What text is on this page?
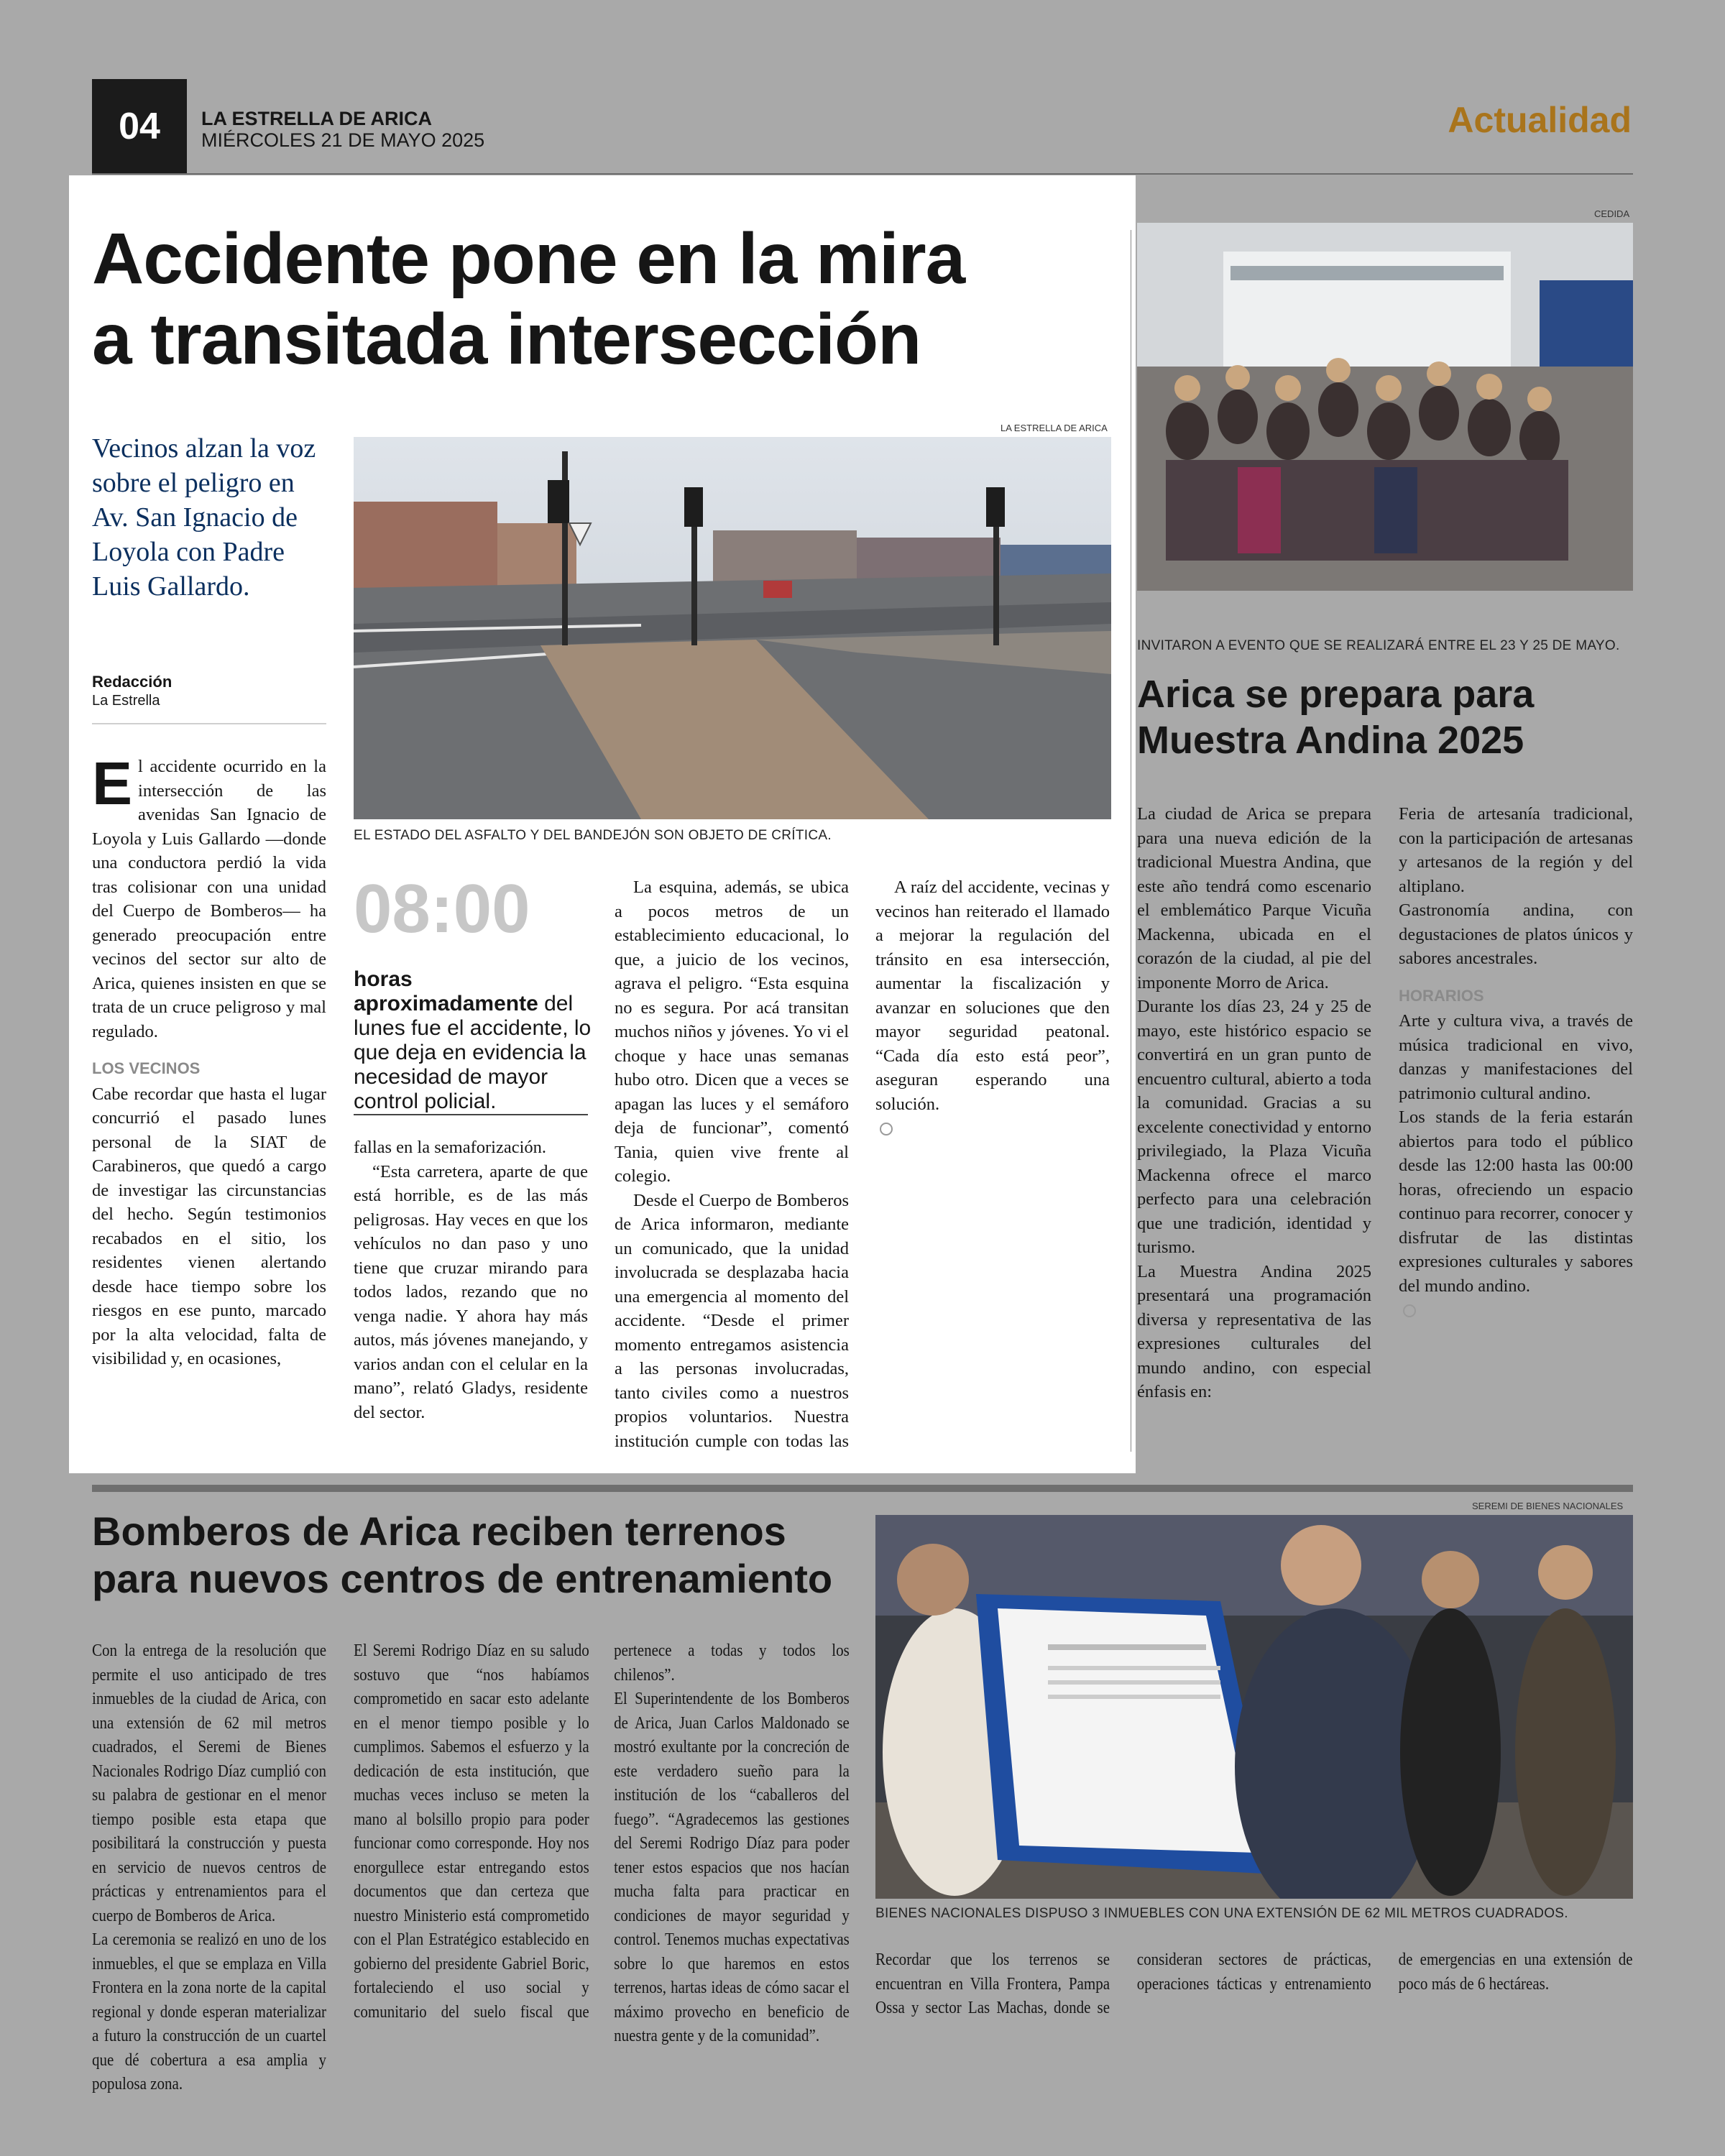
04	LA ESTRELLA DE ARICA
MIÉRCOLES 21 DE MAYO 2025	Actualidad
Accidente pone en la mira
a transitada intersección
Vecinos alzan la voz sobre el peligro en Av. San Ignacio de Loyola con Padre Luis Gallardo.
Redacción
La Estrella
LA ESTRELLA DE ARICA
EL ESTADO DEL ASFALTO Y DEL BANDEJÓN SON OBJETO DE CRÍTICA.

El accidente ocurrido en la intersección de las avenidas San Ignacio de Loyola y Luis Gallardo —donde una conductora perdió la vida tras colisionar con una unidad del Cuerpo de Bomberos— ha generado preocupación entre vecinos del sector sur alto de Arica, quienes insisten en que se trata de un cruce peligroso y mal regulado.

LOS VECINOS

Cabe recordar que hasta el lugar concurrió el pasado lunes personal de la SIAT de Carabineros, que quedó a cargo de investigar las circunstancias del hecho. Según testimonios recabados en el sitio, los residentes vienen alertando desde hace tiempo sobre los riesgos en ese punto, marcado por la alta velocidad, falta de visibilidad y, en ocasiones,

08:00
horas aproximadamente del lunes fue el accidente, lo que deja en evidencia la necesidad de mayor control policial.

fallas en la semaforización.

“Esta carretera, aparte de que está horrible, es de las más peligrosas. Hay veces en que los vehículos no dan paso y uno tiene que cruzar mirando para todos lados, rezando que no venga nadie. Y ahora hay más autos, más jóvenes manejando, y varios andan con el celular en la mano”, relató Gladys, residente del sector.

La esquina, además, se ubica a pocos metros de un establecimiento educacional, lo que, a juicio de los vecinos, agrava el peligro. “Esta esquina no es segura. Por acá transitan muchos niños y jóvenes. Yo vi el choque y hace unas semanas hubo otro. Dicen que a veces se apagan las luces y el semáforo deja de funcionar”, comentó Tania, quien vive frente al colegio.

Desde el Cuerpo de Bomberos de Arica informaron, mediante un comunicado, que la unidad involucrada se desplazaba hacia una emergencia al momento del accidente. “Desde el primer momento entregamos asistencia a las personas involucradas, tanto civiles como a nuestros propios voluntarios. Nuestra institución cumple con todas las

A raíz del accidente, vecinas y vecinos han reiterado el llamado a mejorar la regulación del tránsito en esa intersección, aumentar la fiscalización y avanzar en soluciones que den mayor seguridad peatonal. “Cada día esto está peor”, aseguran esperando una solución.

CEDIDA
INVITARON A EVENTO QUE SE REALIZARÁ ENTRE EL 23 Y 25 DE MAYO.
Arica se prepara para
Muestra Andina 2025

La ciudad de Arica se prepara para una nueva edición de la tradicional Muestra Andina, que este año tendrá como escenario el emblemático Parque Vicuña Mackenna, ubicada en el corazón de la ciudad, al pie del imponente Morro de Arica.

Durante los días 23, 24 y 25 de mayo, este histórico espacio se convertirá en un gran punto de encuentro cultural, abierto a toda la comunidad. Gracias a su excelente conectividad y entorno privilegiado, la Plaza Vicuña Mackenna ofrece el marco perfecto para una celebración que une tradición, identidad y turismo.

La Muestra Andina 2025 presentará una programación diversa y representativa de las expresiones culturales del mundo andino, con especial énfasis en:

Feria de artesanía tradicional, con la participación de artesanas y artesanos de la región y del altiplano.

Gastronomía andina, con degustaciones de platos únicos y sabores ancestrales.

HORARIOS

Arte y cultura viva, a través de música tradicional en vivo, danzas y manifestaciones del patrimonio cultural andino.

Los stands de la feria estarán abiertos para todo el público desde las 12:00 hasta las 00:00 horas, ofreciendo un espacio continuo para recorrer, conocer y disfrutar de las distintas expresiones culturales y sabores del mundo andino.

Bomberos de Arica reciben terrenos
para nuevos centros de entrenamiento
SEREMI DE BIENES NACIONALES
BIENES NACIONALES DISPUSO 3 INMUEBLES CON UNA EXTENSIÓN DE 62 MIL METROS CUADRADOS.

Con la entrega de la resolución que permite el uso anticipado de tres inmuebles de la ciudad de Arica, con una extensión de 62 mil metros cuadrados, el Seremi de Bienes Nacionales Rodrigo Díaz cumplió con su palabra de gestionar en el menor tiempo posible esta etapa que posibilitará la construcción y puesta en servicio de nuevos centros de prácticas y entrenamientos para el cuerpo de Bomberos de Arica.

La ceremonia se realizó en uno de los inmuebles, el que se emplaza en Villa Frontera en la zona norte de la capital regional y donde esperan materializar a futuro la construcción de un cuartel que dé cobertura a esa amplia y populosa zona.

El Seremi Rodrigo Díaz en su saludo sostuvo que “nos habíamos comprometido en sacar esto adelante en el menor tiempo posible y lo cumplimos. Sabemos el esfuerzo y la dedicación de esta institución, que muchas veces incluso se meten la mano al bolsillo propio para poder funcionar como corresponde. Hoy nos enorgullece estar entregando estos documentos que dan certeza que nuestro Ministerio está comprometido con el Plan Estratégico establecido en gobierno del presidente Gabriel Boric, fortaleciendo el uso social y comunitario del suelo fiscal que pertenece a todas y todos los chilenos”.

El Superintendente de los Bomberos de Arica, Juan Carlos Maldonado se mostró exultante por la concreción de este verdadero sueño para la institución de los “caballeros del fuego”. “Agradecemos las gestiones del Seremi Rodrigo Díaz para poder tener estos espacios que nos hacían mucha falta para practicar en condiciones de mayor seguridad y control. Tenemos muchas expectativas sobre lo que haremos en estos terrenos, hartas ideas de cómo sacar el máximo provecho en beneficio de nuestra gente y de la comunidad”.

Recordar que los terrenos se encuentran en Villa Frontera, Pampa Ossa y sector Las Machas, donde se consideran sectores de prácticas, operaciones tácticas y entrenamiento de emergencias en una extensión de poco más de 6 hectáreas.
